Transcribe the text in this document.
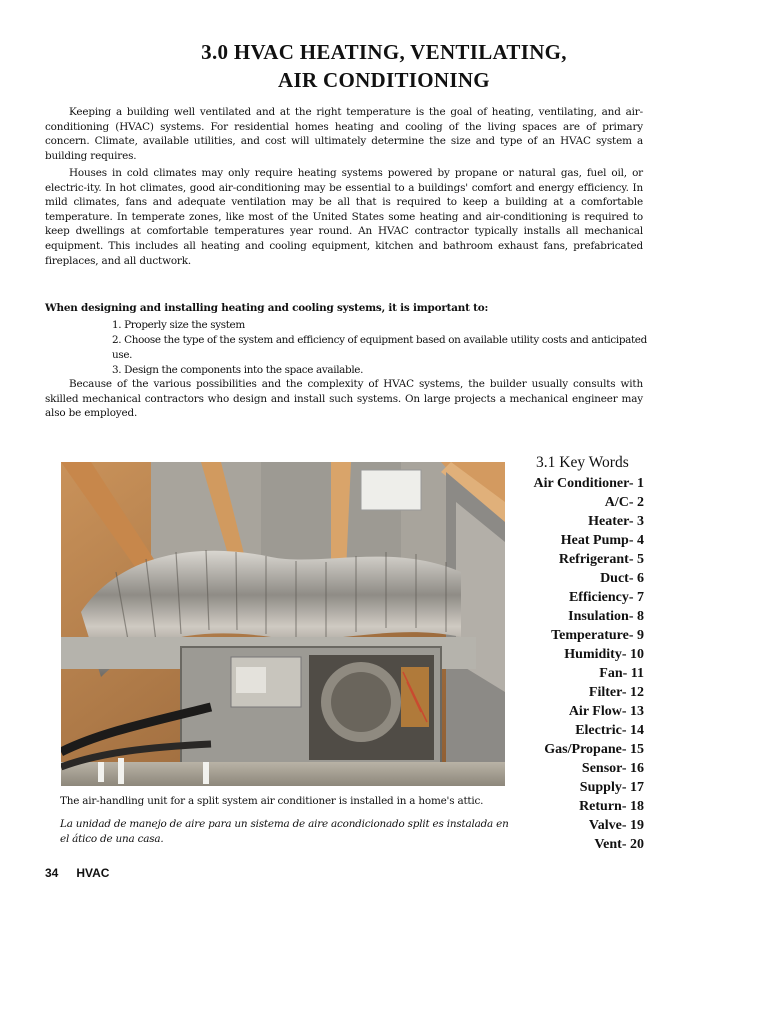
3.0 HVAC HEATING, VENTILATING,
AIR CONDITIONING

Keeping a building well ventilated and at the right temperature is the goal of heating, ventilating, and air-conditioning (HVAC) systems. For residential homes heating and cooling of the living spaces are of primary concern. Climate, available utilities, and cost will ultimately determine the size and type of an HVAC system a building requires.

Houses in cold climates may only require heating systems powered by propane or natural gas, fuel oil, or electric-ity. In hot climates, good air-conditioning may be essential to a buildings' comfort and energy efficiency. In mild climates, fans and adequate ventilation may be all that is required to keep a building at a comfortable temperature. In temperate zones, like most of the United States some heating and air-conditioning is required to keep dwellings at comfortable temperatures year round. An HVAC contractor typically installs all mechanical equipment. This includes all heating and cooling equipment, kitchen and bathroom exhaust fans, prefabricated fireplaces, and all ductwork.

When designing and installing heating and cooling systems, it is important to:
1. Properly size the system
2. Choose the type of the system and efficiency of equipment based on available utility costs and anticipated use.
3. Design the components into the space available.

Because of the various possibilities and the complexity of HVAC systems, the builder usually consults with skilled mechanical contractors who design and install such systems. On large projects a mechanical engineer may also be employed.

The air-handling unit for a split system air conditioner is installed in a home's attic.
La unidad de manejo de aire para un sistema de aire acondicionado split es instalada en el ático de una casa.
3.1 Key Words
Air Conditioner- 1
A/C- 2
Heater- 3
Heat Pump- 4
Refrigerant- 5
Duct- 6
Efficiency- 7
Insulation- 8
Temperature- 9
Humidity- 10
Fan- 11
Filter- 12
Air Flow- 13
Electric- 14
Gas/Propane- 15
Sensor- 16
Supply- 17
Return- 18
Valve- 19
Vent- 20
34 HVAC
